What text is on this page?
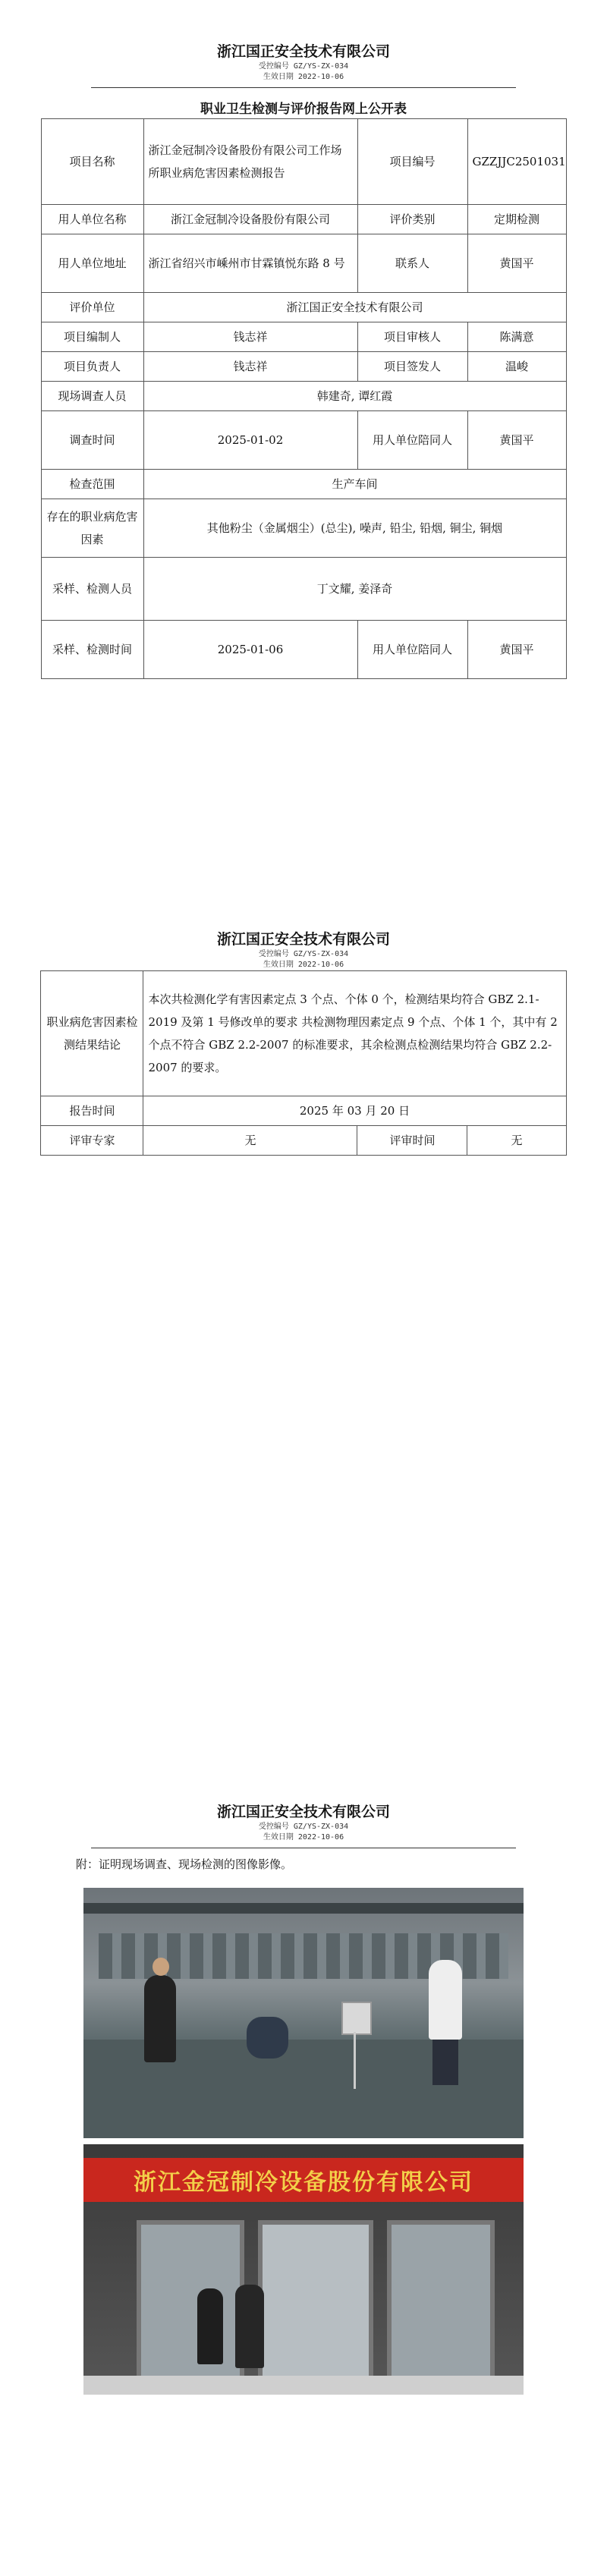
浙江国正安全技术有限公司
受控编号 GZ/YS-ZX-034
生效日期 2022-10-06
职业卫生检测与评价报告网上公开表
项目名称	浙江金冠制冷设备股份有限公司工作场所职业病危害因素检测报告	项目编号	GZZJJC2501031
用人单位名称	浙江金冠制冷设备股份有限公司	评价类别	定期检测
用人单位地址	浙江省绍兴市嵊州市甘霖镇悦东路 8 号	联系人	黄国平
评价单位	浙江国正安全技术有限公司		
项目编制人	钱志祥	项目审核人	陈满意
项目负责人	钱志祥	项目签发人	温峻
现场调查人员	韩建奇, 谭红霞		
调查时间	2025-01-02	用人单位陪同人	黄国平
检查范围	生产车间		
存在的职业病危害因素	其他粉尘（金属烟尘）(总尘), 噪声, 铅尘, 铅烟, 铜尘, 铜烟		
采样、检测人员	丁文耀, 姜泽奇		
采样、检测时间	2025-01-06	用人单位陪同人	黄国平
浙江国正安全技术有限公司
受控编号 GZ/YS-ZX-034
生效日期 2022-10-06
职业病危害因素检测结果结论	本次共检测化学有害因素定点 3 个点、个体 0 个，检测结果均符合 GBZ 2.1-2019 及第 1 号修改单的要求 共检测物理因素定点 9 个点、个体 1 个，其中有 2 个点不符合 GBZ 2.2-2007 的标准要求，其余检测点检测结果均符合 GBZ 2.2-2007 的要求。		
报告时间	2025 年 03 月 20 日		
评审专家	无	评审时间	无
浙江国正安全技术有限公司
受控编号 GZ/YS-ZX-034
生效日期 2022-10-06
附：证明现场调查、现场检测的图像影像。
浙江金冠制冷设备股份有限公司
